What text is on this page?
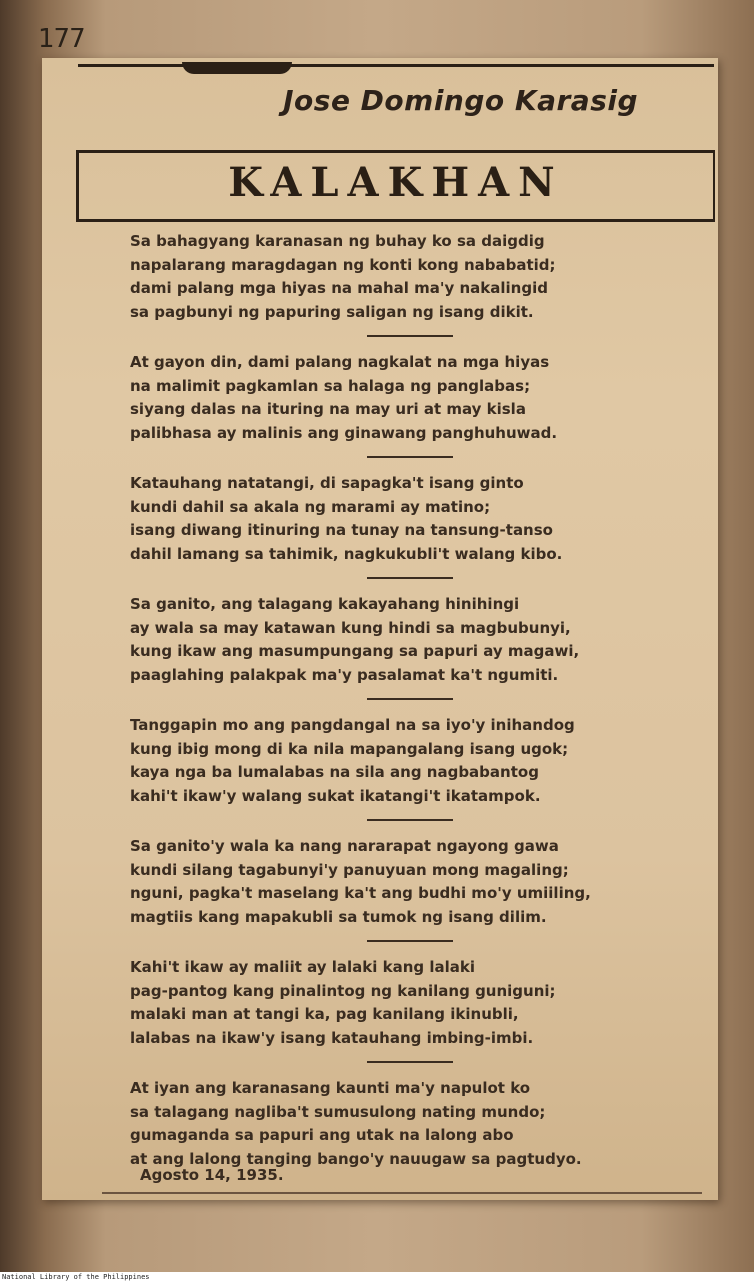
177
Jose Domingo Karasig
KALAKHAN
Sa bahagyang karanasan ng buhay ko sa daigdig
napalarang maragdagan ng konti kong nababatid;
dami palang mga hiyas na mahal ma'y nakalingid
sa pagbunyi ng papuring saligan ng isang dikit.
At gayon din, dami palang nagkalat na mga hiyas
na malimit pagkamlan sa halaga ng panglabas;
siyang dalas na ituring na may uri at may kisla
palibhasa ay malinis ang ginawang panghuhuwad.
Katauhang natatangi, di sapagka't isang ginto
kundi dahil sa akala ng marami ay matino;
isang diwang itinuring na tunay na tansung-tanso
dahil lamang sa tahimik, nagkukubli't walang kibo.
Sa ganito, ang talagang kakayahang hinihingi
ay wala sa may katawan kung hindi sa magbubunyi,
kung ikaw ang masumpungang sa papuri ay magawi,
paaglahing palakpak ma'y pasalamat ka't ngumiti.
Tanggapin mo ang pangdangal na sa iyo'y inihandog
kung ibig mong di ka nila mapangalang isang ugok;
kaya nga ba lumalabas na sila ang nagbabantog
kahi't ikaw'y walang sukat ikatangi't ikatampok.
Sa ganito'y wala ka nang nararapat ngayong gawa
kundi silang tagabunyi'y panuyuan mong magaling;
nguni, pagka't maselang ka't ang budhi mo'y umiiling,
magtiis kang mapakubli sa tumok ng isang dilim.
Kahi't ikaw ay maliit ay lalaki kang lalaki
pag-pantog kang pinalintog ng kanilang guniguni;
malaki man at tangi ka, pag kanilang ikinubli,
lalabas na ikaw'y isang katauhang imbing-imbi.
At iyan ang karanasang kaunti ma'y napulot ko
sa talagang nagliba't sumusulong nating mundo;
gumaganda sa papuri ang utak na lalong abo
at ang lalong tanging bango'y nauugaw sa pagtudyo.
Agosto 14, 1935.
National Library of the Philippines
